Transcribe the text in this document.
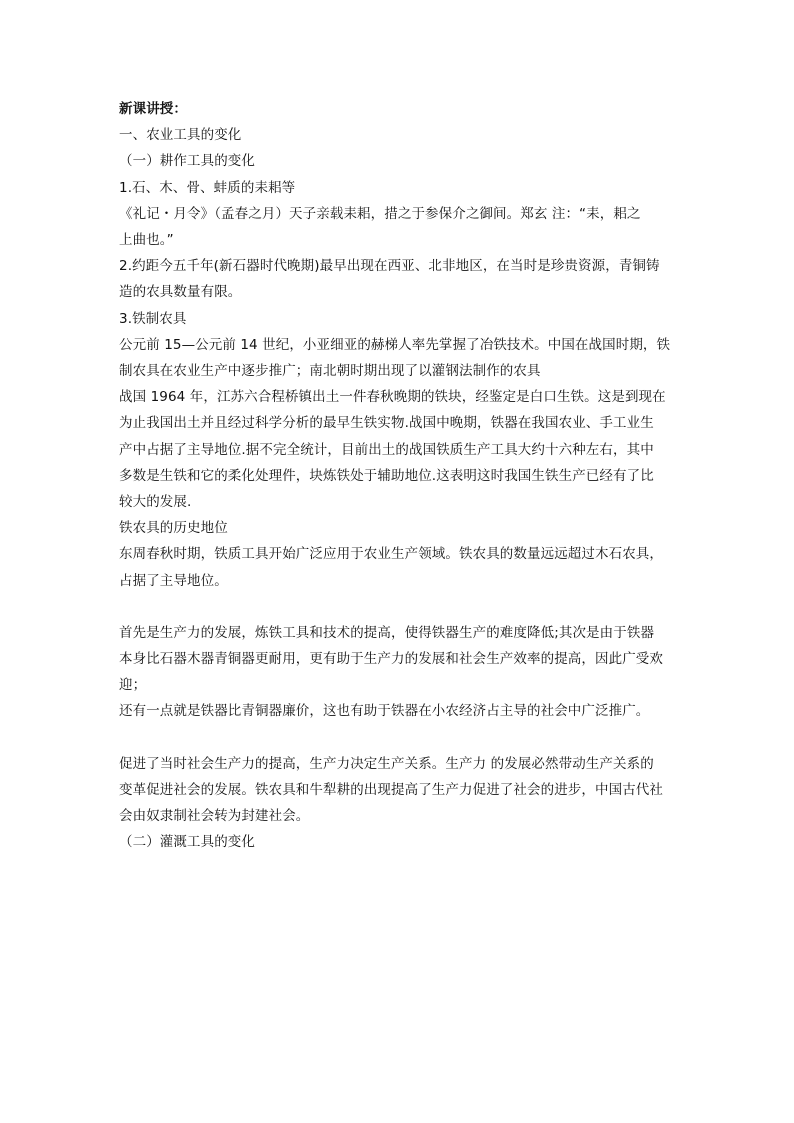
新课讲授：

一、农业工具的变化

（一）耕作工具的变化

1.石、木、骨、蚌质的耒耜等

《礼记・月令》（孟春之月）天子亲载耒耜，措之于参保介之御间。郑玄 注：“耒，耜之

上曲也。”

2.约距今五千年(新石器时代晚期)最早出现在西亚、北非地区，在当时是珍贵资源，青铜铸

造的农具数量有限。

3.铁制农具

公元前 15—公元前 14 世纪，小亚细亚的赫梯人率先掌握了冶铁技术。中国在战国时期，铁

制农具在农业生产中逐步推广；南北朝时期出现了以灌钢法制作的农具

战国 1964 年，江苏六合程桥镇出土一件春秋晚期的铁块，经鉴定是白口生铁。这是到现在

为止我国出土并且经过科学分析的最早生铁实物.战国中晚期，铁器在我国农业、手工业生

产中占据了主导地位.据不完全统计，目前出土的战国铁质生产工具大约十六种左右，其中

多数是生铁和它的柔化处理件，块炼铁处于辅助地位.这表明这时我国生铁生产已经有了比

较大的发展.

铁农具的历史地位

东周春秋时期，铁质工具开始广泛应用于农业生产领域。铁农具的数量远远超过木石农具，

占据了主导地位。

首先是生产力的发展，炼铁工具和技术的提高，使得铁器生产的难度降低;其次是由于铁器

本身比石器木器青铜器更耐用，更有助于生产力的发展和社会生产效率的提高，因此广受欢

迎；

还有一点就是铁器比青铜器廉价，这也有助于铁器在小农经济占主导的社会中广泛推广。

促进了当时社会生产力的提高，生产力决定生产关系。生产力 的发展必然带动生产关系的

变革促进社会的发展。铁农具和牛犁耕的出现提高了生产力促进了社会的进步，中国古代社

会由奴隶制社会转为封建社会。

（二）灌溉工具的变化
